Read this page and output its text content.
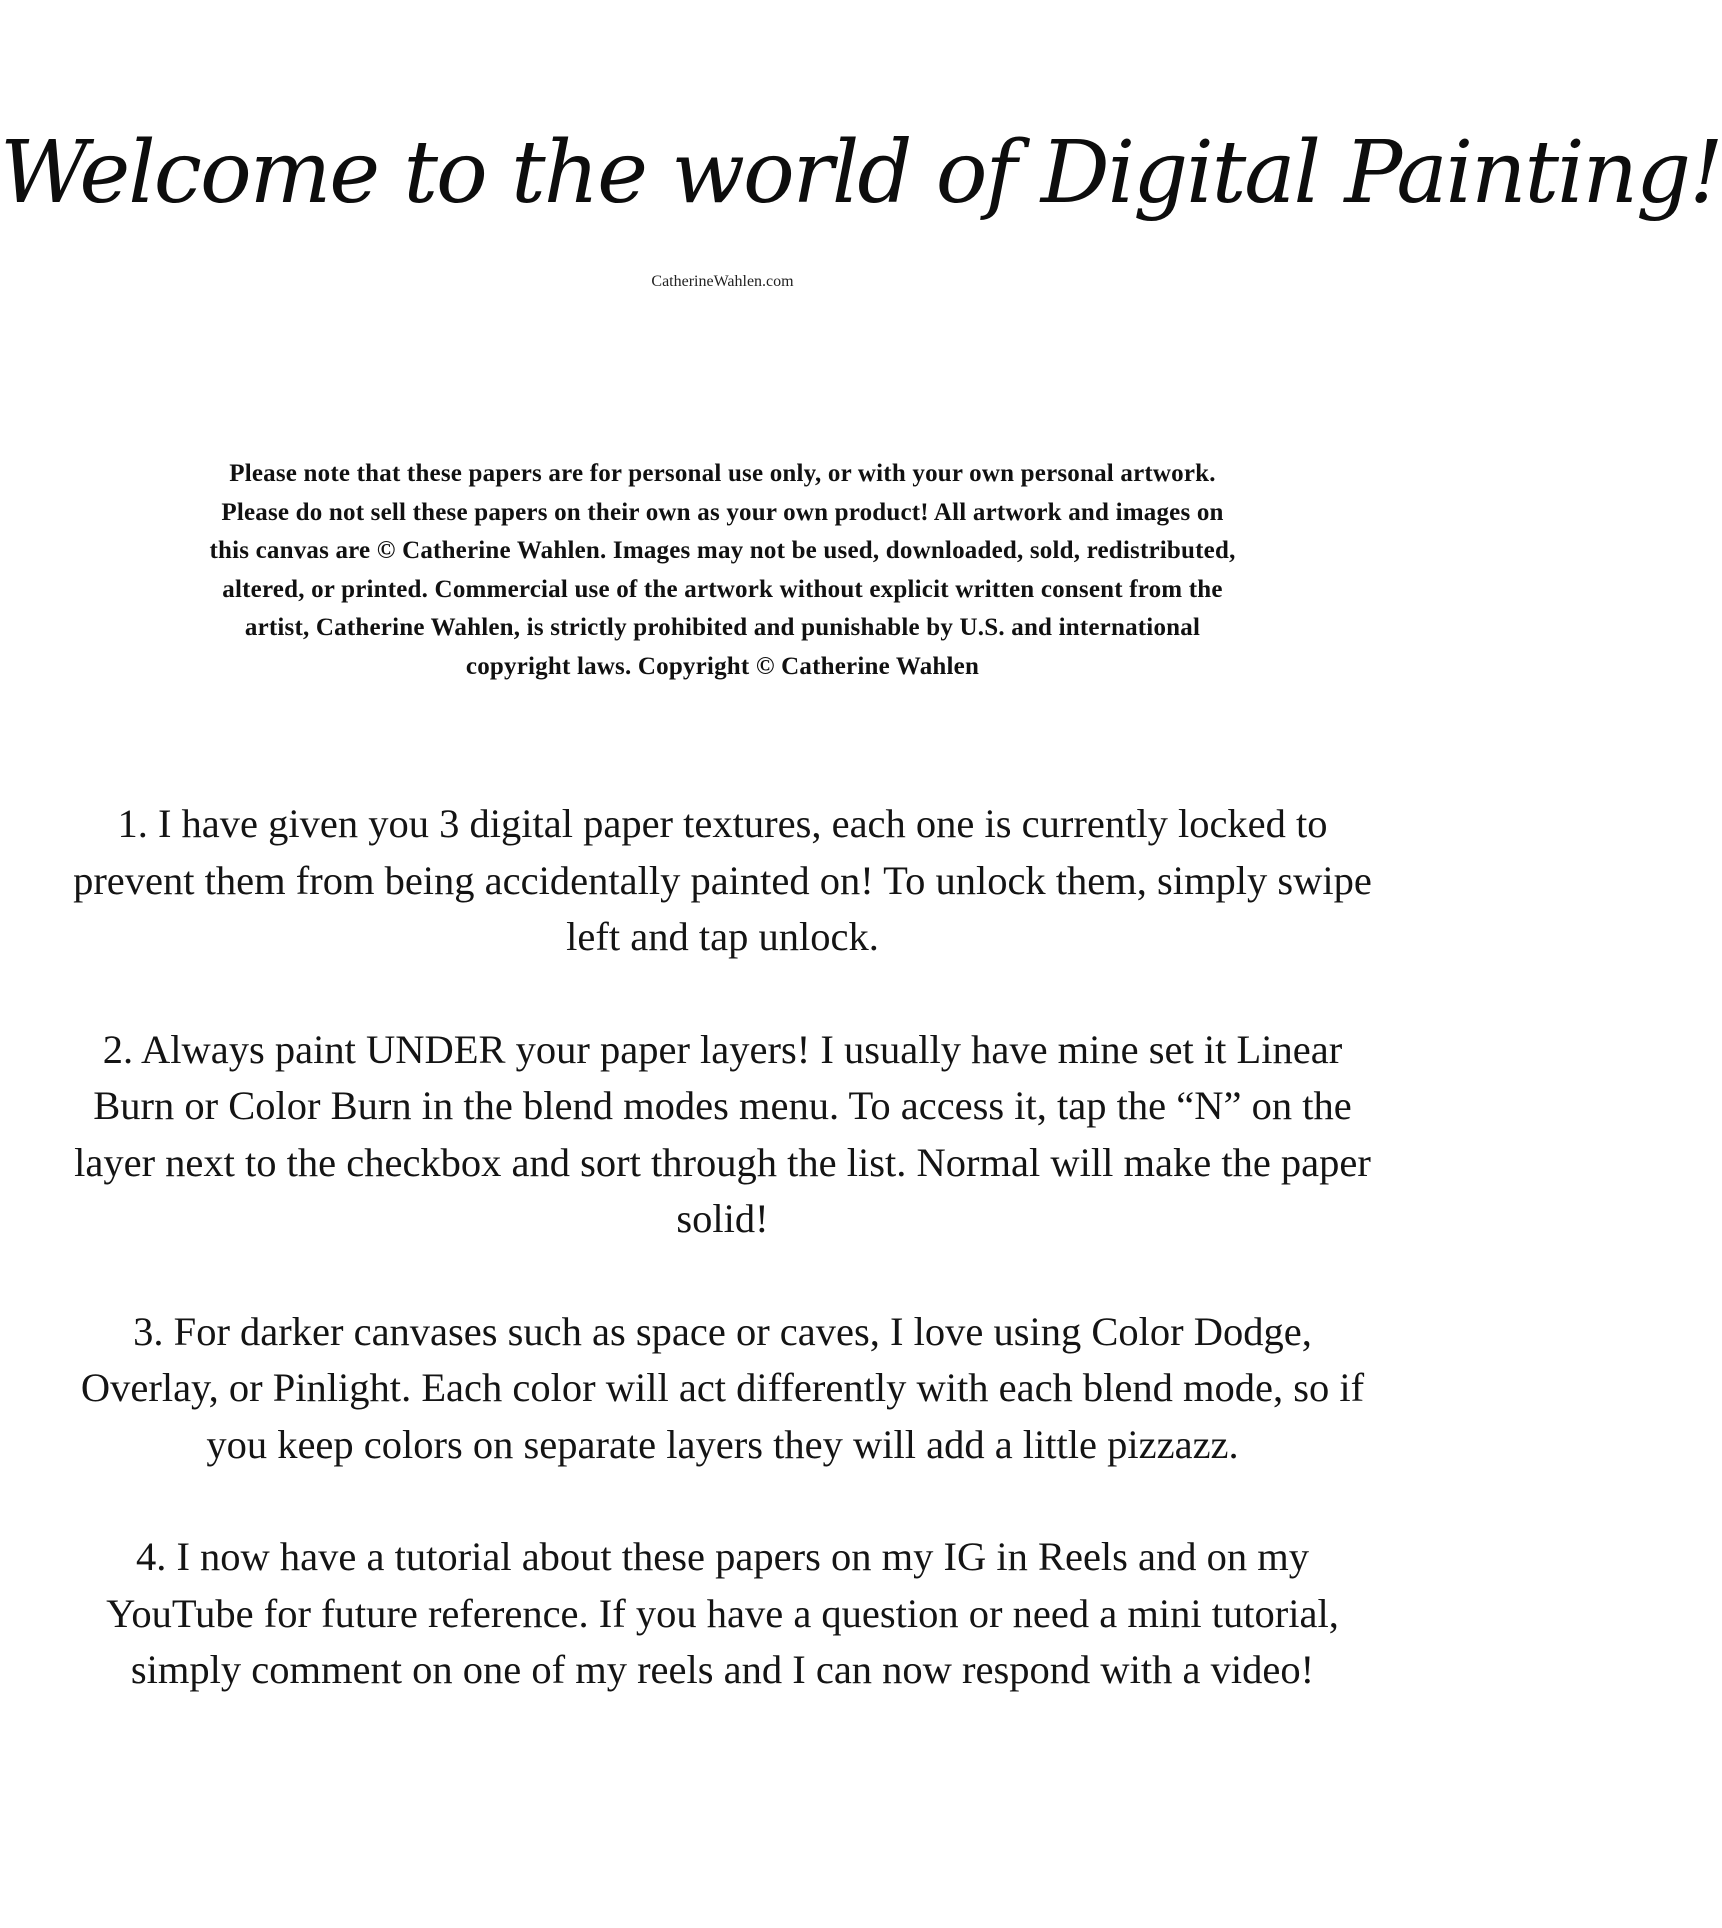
Welcome to the world of Digital Painting!
CatherineWahlen.com

Please note that these papers are for personal use only, or with your own personal artwork. Please do not sell these papers on their own as your own product! All artwork and images on this canvas are © Catherine Wahlen. Images may not be used, downloaded, sold, redistributed, altered, or printed. Commercial use of the artwork without explicit written consent from the artist, Catherine Wahlen, is strictly prohibited and punishable by U.S. and international copyright laws. Copyright © Catherine Wahlen

1. I have given you 3 digital paper textures, each one is currently locked to prevent them from being accidentally painted on! To unlock them, simply swipe left and tap unlock.

2. Always paint UNDER your paper layers! I usually have mine set it Linear Burn or Color Burn in the blend modes menu. To access it, tap the “N” on the layer next to the checkbox and sort through the list. Normal will make the paper solid!

3. For darker canvases such as space or caves, I love using Color Dodge, Overlay, or Pinlight. Each color will act differently with each blend mode, so if you keep colors on separate layers they will add a little pizzazz.

4. I now have a tutorial about these papers on my IG in Reels and on my YouTube for future reference. If you have a question or need a mini tutorial, simply comment on one of my reels and I can now respond with a video!
